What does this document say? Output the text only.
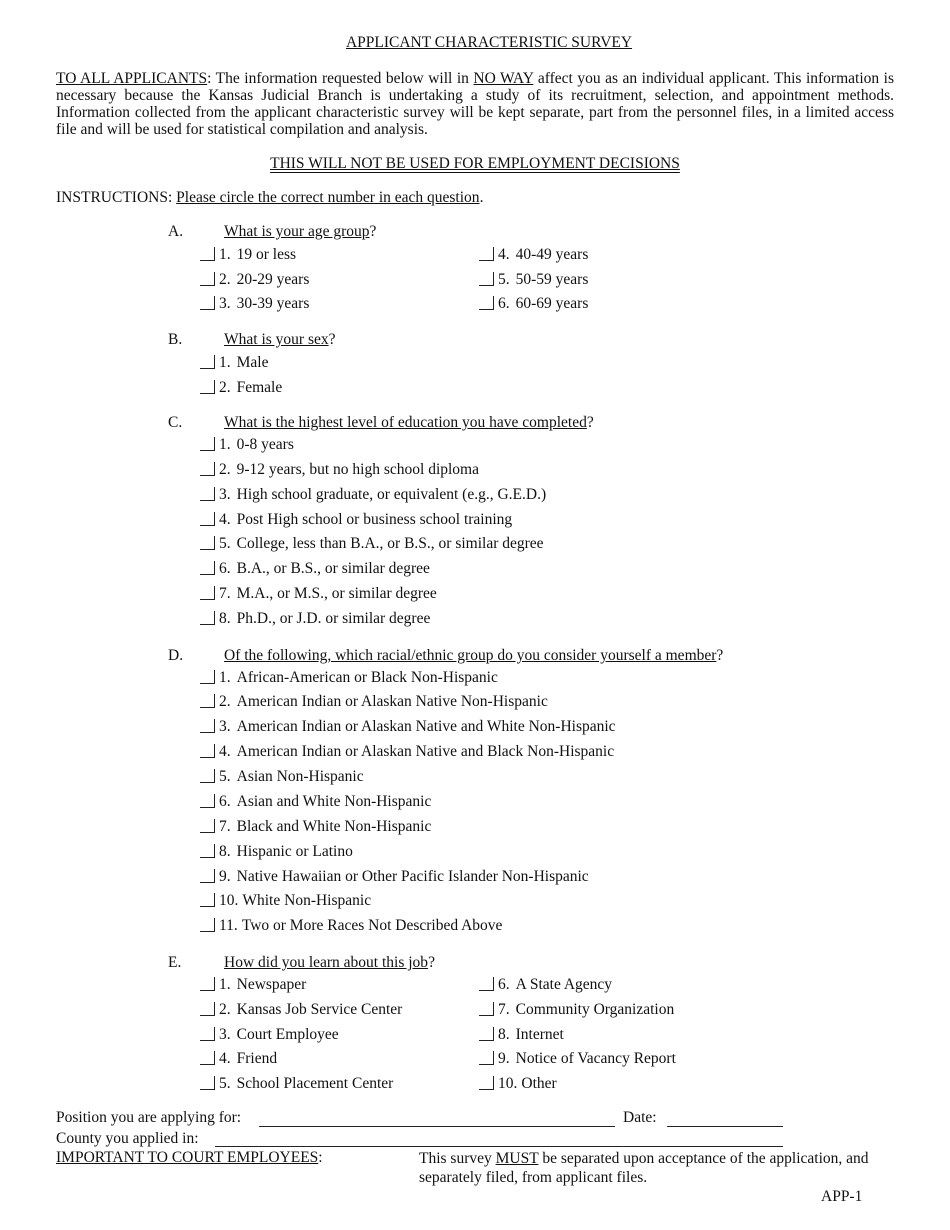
APPLICANT CHARACTERISTIC SURVEY
TO ALL APPLICANTS: The information requested below will in NO WAY affect you as an individual applicant. This information is necessary because the Kansas Judicial Branch is undertaking a study of its recruitment, selection, and appointment methods. Information collected from the applicant characteristic survey will be kept separate, part from the personnel files, in a limited access file and will be used for statistical compilation and analysis.
THIS WILL NOT BE USED FOR EMPLOYMENT DECISIONS
INSTRUCTIONS: Please circle the correct number in each question.
A.	What is your age group?
1. 19 or less
2. 20-29 years
3. 30-39 years
4. 40-49 years
5. 50-59 years
6. 60-69 years
B.	What is your sex?
1. Male
2. Female
C.	What is the highest level of education you have completed?
1. 0-8 years
2. 9-12 years, but no high school diploma
3. High school graduate, or equivalent (e.g., G.E.D.)
4. Post High school or business school training
5. College, less than B.A., or B.S., or similar degree
6. B.A., or B.S., or similar degree
7. M.A., or M.S., or similar degree
8. Ph.D., or J.D. or similar degree
D.	Of the following, which racial/ethnic group do you consider yourself a member?
1. African-American or Black Non-Hispanic
2. American Indian or Alaskan Native Non-Hispanic
3. American Indian or Alaskan Native and White Non-Hispanic
4. American Indian or Alaskan Native and Black Non-Hispanic
5. Asian Non-Hispanic
6. Asian and White Non-Hispanic
7. Black and White Non-Hispanic
8. Hispanic or Latino
9. Native Hawaiian or Other Pacific Islander Non-Hispanic
10. White Non-Hispanic
11. Two or More Races Not Described Above
E.	How did you learn about this job?
1. Newspaper
2. Kansas Job Service Center
3. Court Employee
4. Friend
5. School Placement Center
6. A State Agency
7. Community Organization
8. Internet
9. Notice of Vacancy Report
10. Other
Position you are applying for:	Date:
County you applied in:
IMPORTANT TO COURT EMPLOYEES:	This survey MUST be separated upon acceptance of the application, and separately filed, from applicant files.
APP-1
